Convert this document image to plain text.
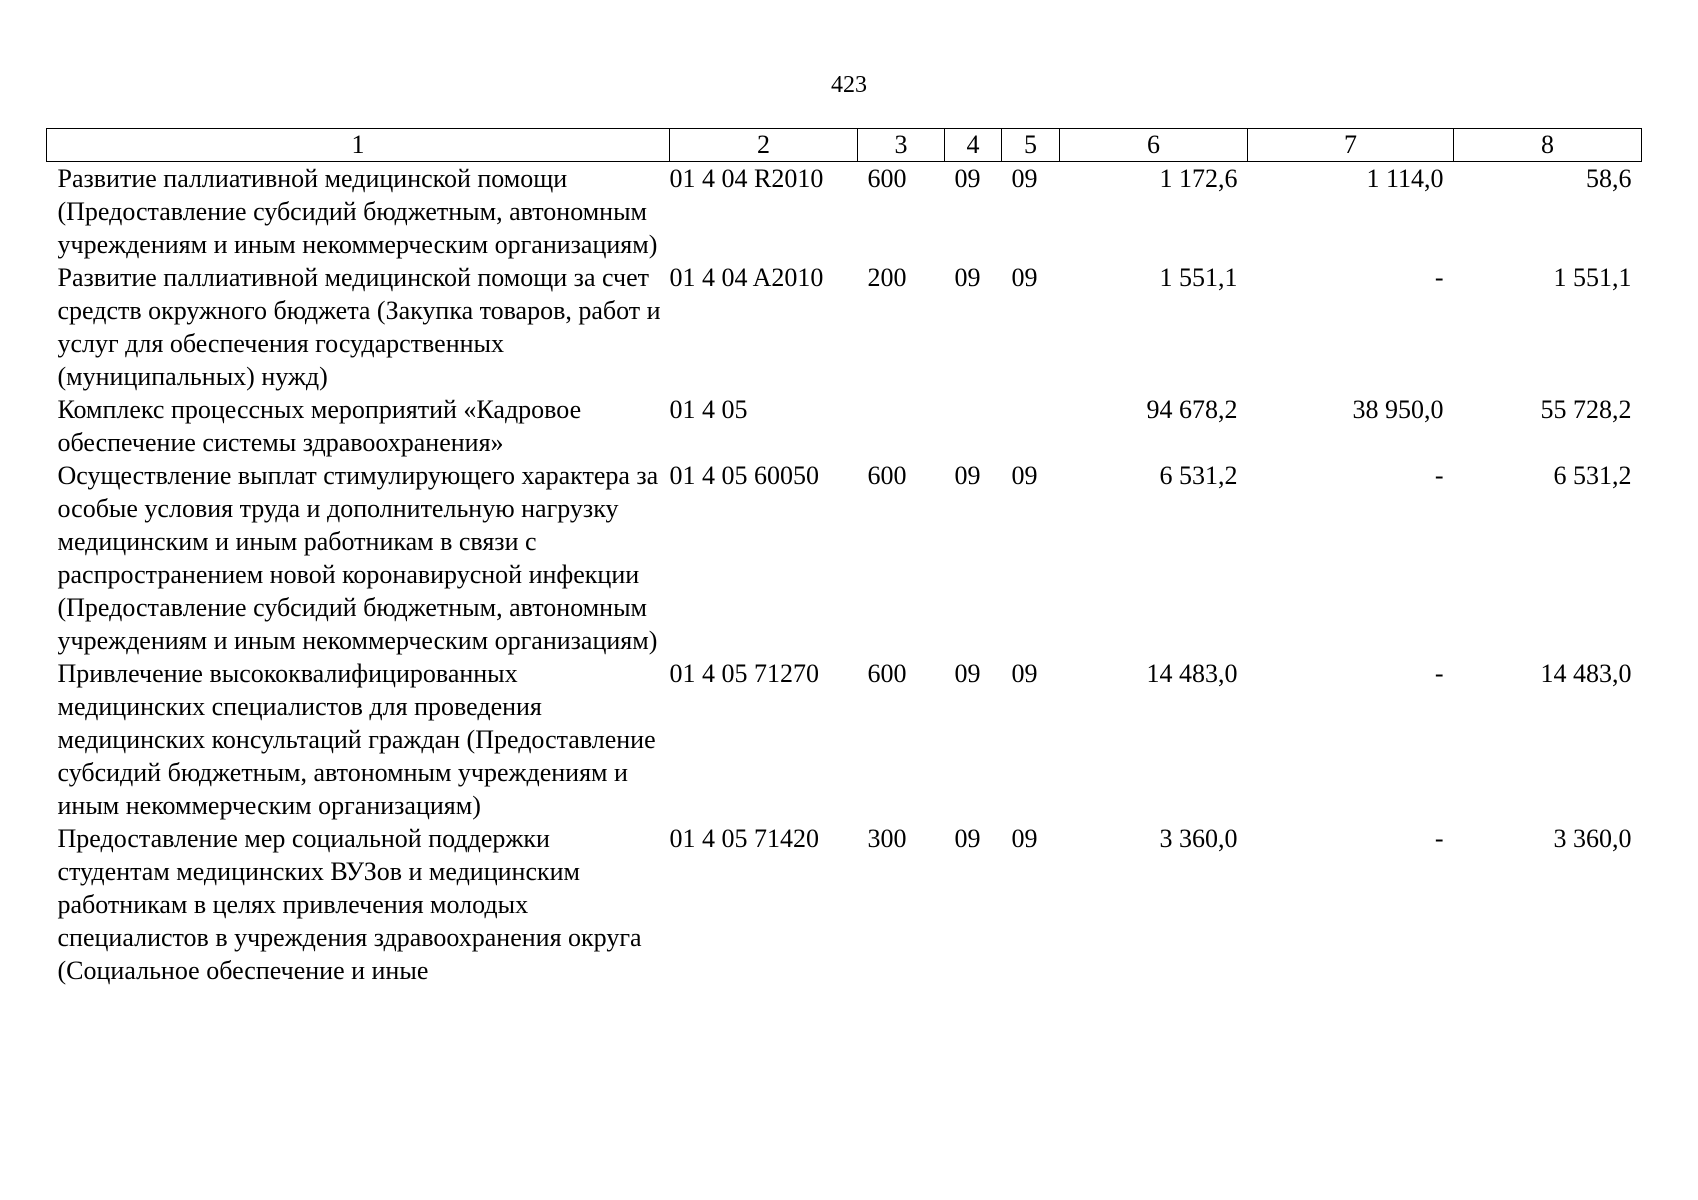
423
1	2	3	4	5	6	7	8
Развитие паллиативной медицинской помощи (Предоставление субсидий бюджетным, автономным учреждениям и иным некоммерческим организациям)	01 4 04 R2010	600	09	09	1 172,6	1 114,0	58,6
Развитие паллиативной медицинской помощи за счет средств окружного бюджета (Закупка товаров, работ и услуг для обеспечения государственных (муниципальных) нужд)	01 4 04 A2010	200	09	09	1 551,1	-	1 551,1
Комплекс процессных мероприятий «Кадровое обеспечение системы здравоохранения»	01 4 05				94 678,2	38 950,0	55 728,2
Осуществление выплат стимулирующего характера за особые условия труда и дополнительную нагрузку медицинским и иным работникам в связи с распространением новой коронавирусной инфекции (Предоставление субсидий бюджетным, автономным учреждениям и иным некоммерческим организациям)	01 4 05 60050	600	09	09	6 531,2	-	6 531,2
Привлечение высококвалифицированных медицинских специалистов для проведения медицинских консультаций граждан (Предоставление субсидий бюджетным, автономным учреждениям и иным некоммерческим организациям)	01 4 05 71270	600	09	09	14 483,0	-	14 483,0
Предоставление мер социальной поддержки студентам медицинских ВУЗов и медицинским работникам в целях привлечения молодых специалистов в учреждения здравоохранения округа (Социальное обеспечение и иные	01 4 05 71420	300	09	09	3 360,0	-	3 360,0
